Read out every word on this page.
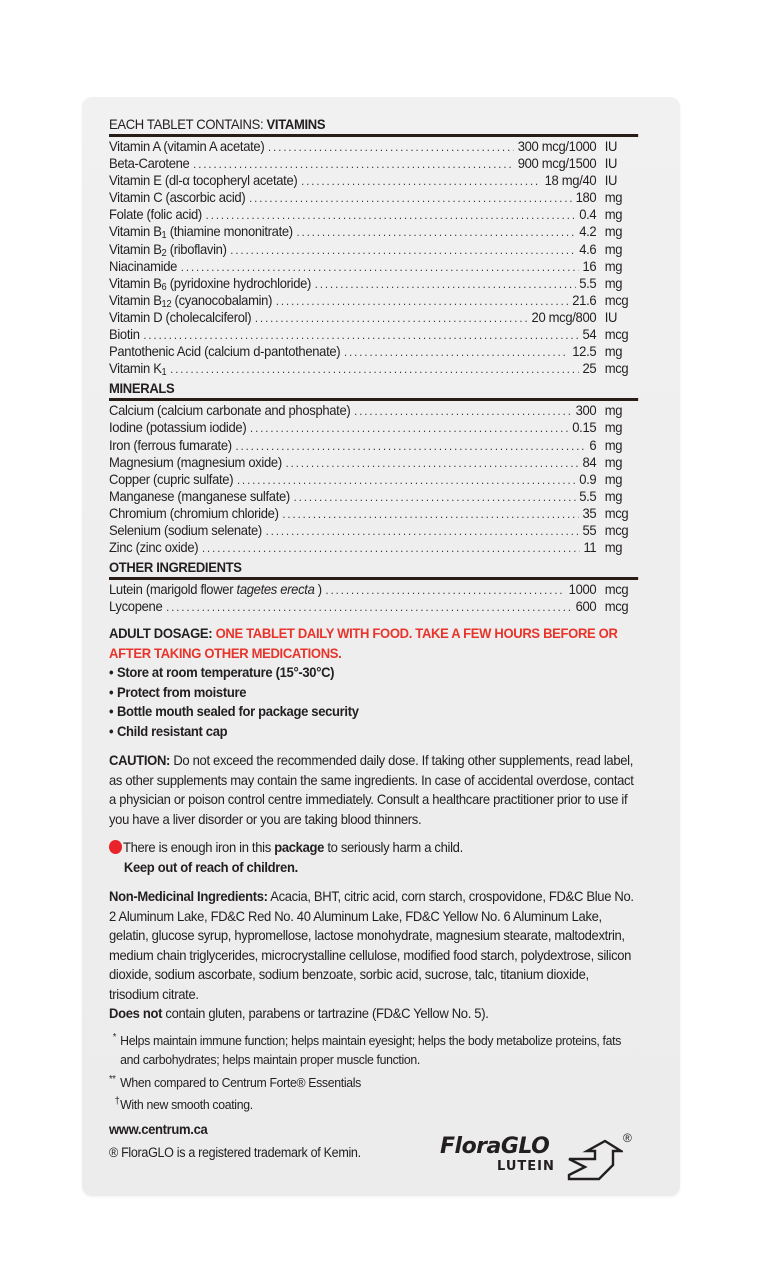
EACH TABLET CONTAINS: VITAMINS
Vitamin A (vitamin A acetate) . . .	300 mcg/1000 IU
Beta-Carotene . . .	900 mcg/1500 IU
Vitamin E (dl-α tocopheryl acetate) . . .	18 mg/40 IU
Vitamin C (ascorbic acid) . . .	180 mg
Folate (folic acid) . . .	0.4 mg
Vitamin $B_1$ (thiamine mononitrate) . . .	4.2 mg
Vitamin $B_2$ (riboflavin) . . .	4.6 mg
Niacinamide . . .	16 mg
Vitamin $B_6$ (pyridoxine hydrochloride) . . .	5.5 mg
Vitamin $B_{12}$ (cyanocobalamin) . . .	21.6 mcg
Vitamin D (cholecalciferol) . . .	20 mcg/800 IU
Biotin . . .	54 mcg
Pantothenic Acid (calcium d-pantothenate) . . .	12.5 mg
Vitamin $K_1$ . . .	25 mcg
MINERALS
Calcium (calcium carbonate and phosphate) . . .	300 mg
Iodine (potassium iodide) . . .	0.15 mg
Iron (ferrous fumarate) . . .	6 mg
Magnesium (magnesium oxide) . . .	84 mg
Copper (cupric sulfate) . . .	0.9 mg
Manganese (manganese sulfate) . . .	5.5 mg
Chromium (chromium chloride) . . .	35 mcg
Selenium (sodium selenate) . . .	55 mcg
Zinc (zinc oxide) . . .	11 mg
OTHER INGREDIENTS
Lutein (marigold flower tagetes erecta ) . . .	1000 mcg
Lycopene . . .	600 mcg
ADULT DOSAGE: ONE TABLET DAILY WITH FOOD. TAKE A FEW HOURS BEFORE OR AFTER TAKING OTHER MEDICATIONS.
• Store at room temperature (15°-30°C)
• Protect from moisture
• Bottle mouth sealed for package security
• Child resistant cap
CAUTION: Do not exceed the recommended daily dose. If taking other supplements, read label, as other supplements may contain the same ingredients. In case of accidental overdose, contact a physician or poison control centre immediately. Consult a healthcare practitioner prior to use if you have a liver disorder or you are taking blood thinners.
There is enough iron in this package to seriously harm a child.
Keep out of reach of children.
Non-Medicinal Ingredients: Acacia, BHT, citric acid, corn starch, crospovidone, FD&C Blue No. 2 Aluminum Lake, FD&C Red No. 40 Aluminum Lake, FD&C Yellow No. 6 Aluminum Lake, gelatin, glucose syrup, hypromellose, lactose monohydrate, magnesium stearate, maltodextrin, medium chain triglycerides, microcrystalline cellulose, modified food starch, polydextrose, silicon dioxide, sodium ascorbate, sodium benzoate, sorbic acid, sucrose, talc, titanium dioxide, trisodium citrate.
Does not contain gluten, parabens or tartrazine (FD&C Yellow No. 5).
* Helps maintain immune function; helps maintain eyesight; helps the body metabolize proteins, fats and carbohydrates; helps maintain proper muscle function.
** When compared to Centrum Forte® Essentials
† With new smooth coating.
www.centrum.ca
® FloraGLO is a registered trademark of Kemin.	FloraGLO
LUTEIN
®
